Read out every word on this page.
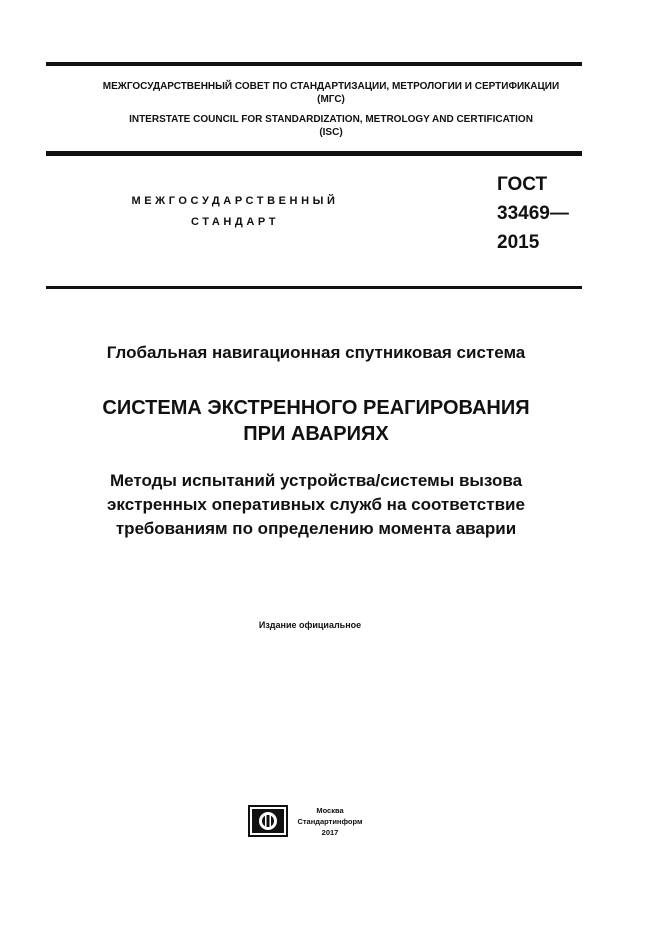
МЕЖГОСУДАРСТВЕННЫЙ СОВЕТ ПО СТАНДАРТИЗАЦИИ, МЕТРОЛОГИИ И СЕРТИФИКАЦИИ
(МГС)
INTERSTATE COUNCIL FOR STANDARDIZATION, METROLOGY AND CERTIFICATION
(ISC)
МЕЖГОСУДАРСТВЕННЫЙ
СТАНДАРТ
ГОСТ
33469—
2015
Глобальная навигационная спутниковая система
СИСТЕМА ЭКСТРЕННОГО РЕАГИРОВАНИЯ
ПРИ АВАРИЯХ
Методы испытаний устройства/системы вызова
экстренных оперативных служб на соответствие
требованиям по определению момента аварии
Издание официальное
Москва
Стандартинформ
2017
